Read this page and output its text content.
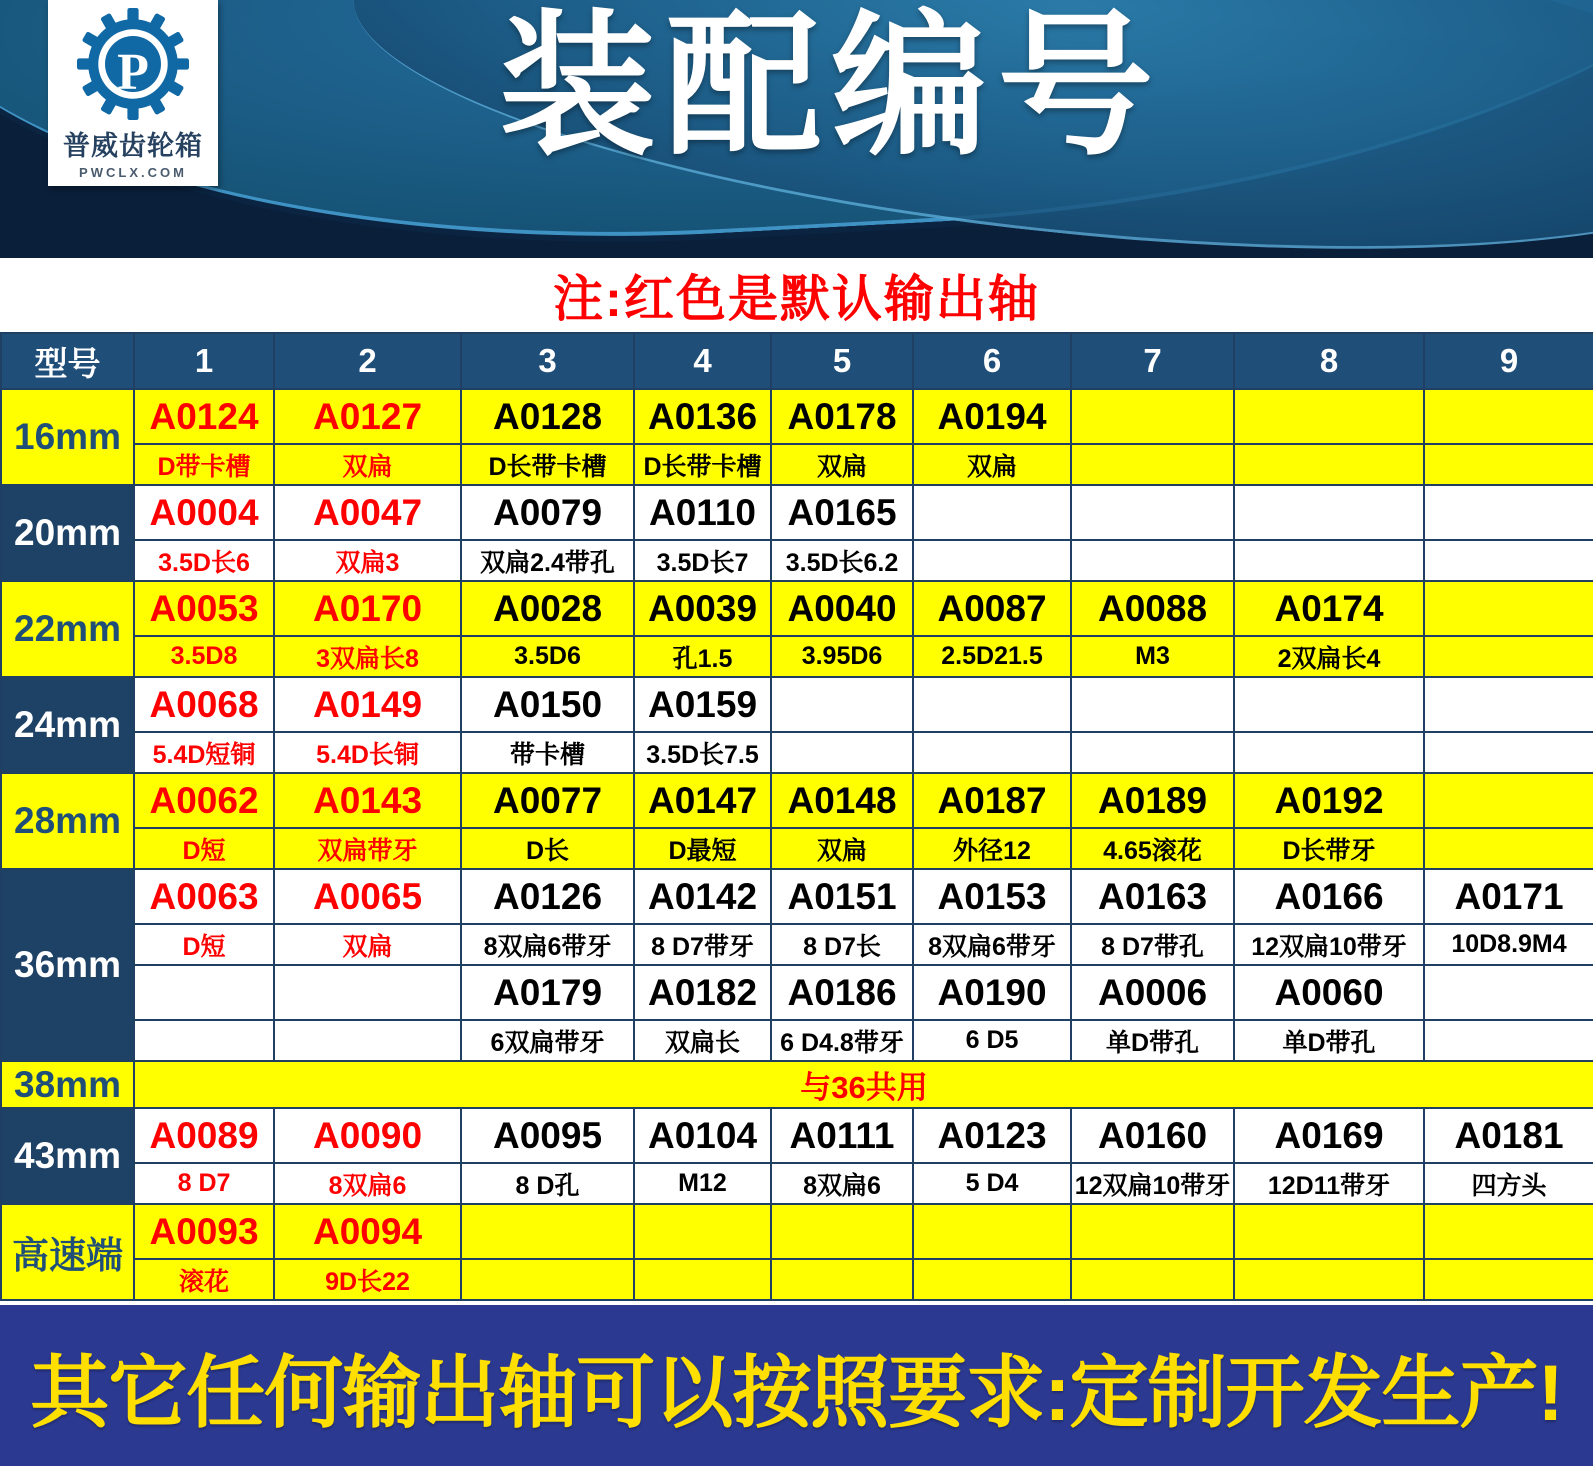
装配编号
P
普威齿轮箱
PWCLX.COM
注:红色是默认输出轴
型号	1	2	3	4	5	6	7	8	9
16mm	A0124	A0127	A0128	A0136	A0178	A0194			
	D带卡槽	双扁	D长带卡槽	D长带卡槽	双扁	双扁			
20mm	A0004	A0047	A0079	A0110	A0165				
	3.5D长6	双扁3	双扁2.4带孔	3.5D长7	3.5D长6.2				
22mm	A0053	A0170	A0028	A0039	A0040	A0087	A0088	A0174	
	3.5D8	3双扁长8	3.5D6	孔1.5	3.95D6	2.5D21.5	M3	2双扁长4	
24mm	A0068	A0149	A0150	A0159					
	5.4D短铜	5.4D长铜	带卡槽	3.5D长7.5					
28mm	A0062	A0143	A0077	A0147	A0148	A0187	A0189	A0192	
	D短	双扁带牙	D长	D最短	双扁	外径12	4.65滚花	D长带牙	
36mm	A0063	A0065	A0126	A0142	A0151	A0153	A0163	A0166	A0171
	D短	双扁	8双扁6带牙	8 D7带牙	8 D7长	8双扁6带牙	8 D7带孔	12双扁10带牙	10D8.9M4
			A0179	A0182	A0186	A0190	A0006	A0060	
			6双扁带牙	双扁长	6 D4.8带牙	6 D5	单D带孔	单D带孔	
38mm	与36共用								
43mm	A0089	A0090	A0095	A0104	A0111	A0123	A0160	A0169	A0181
	8 D7	8双扁6	8 D孔	M12	8双扁6	5 D4	12双扁10带牙	12D11带牙	四方头
高速端	A0093	A0094							
	滚花	9D长22							
其它任何输出轴可以按照要求:定制开发生产!
